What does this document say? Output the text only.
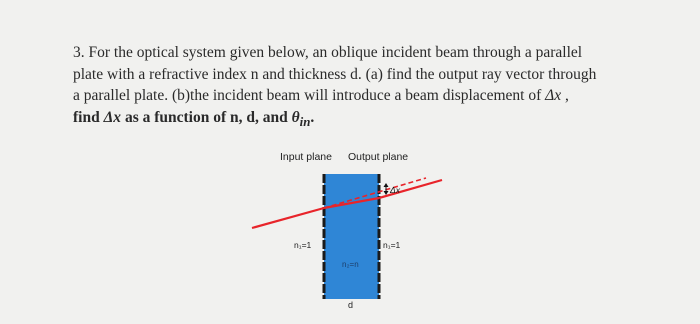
3. For the optical system given below, an oblique incident beam through a parallel

plate with a refractive index n and thickness d. (a) find the output ray vector through

a parallel plate. (b)the incident beam will introduce a beam displacement of Δx ,

find Δx as a function of n, d, and $\theta_{in}$.

Input plane Output plane
Δx
n₁=1
n₂=n
n₁=1
d
